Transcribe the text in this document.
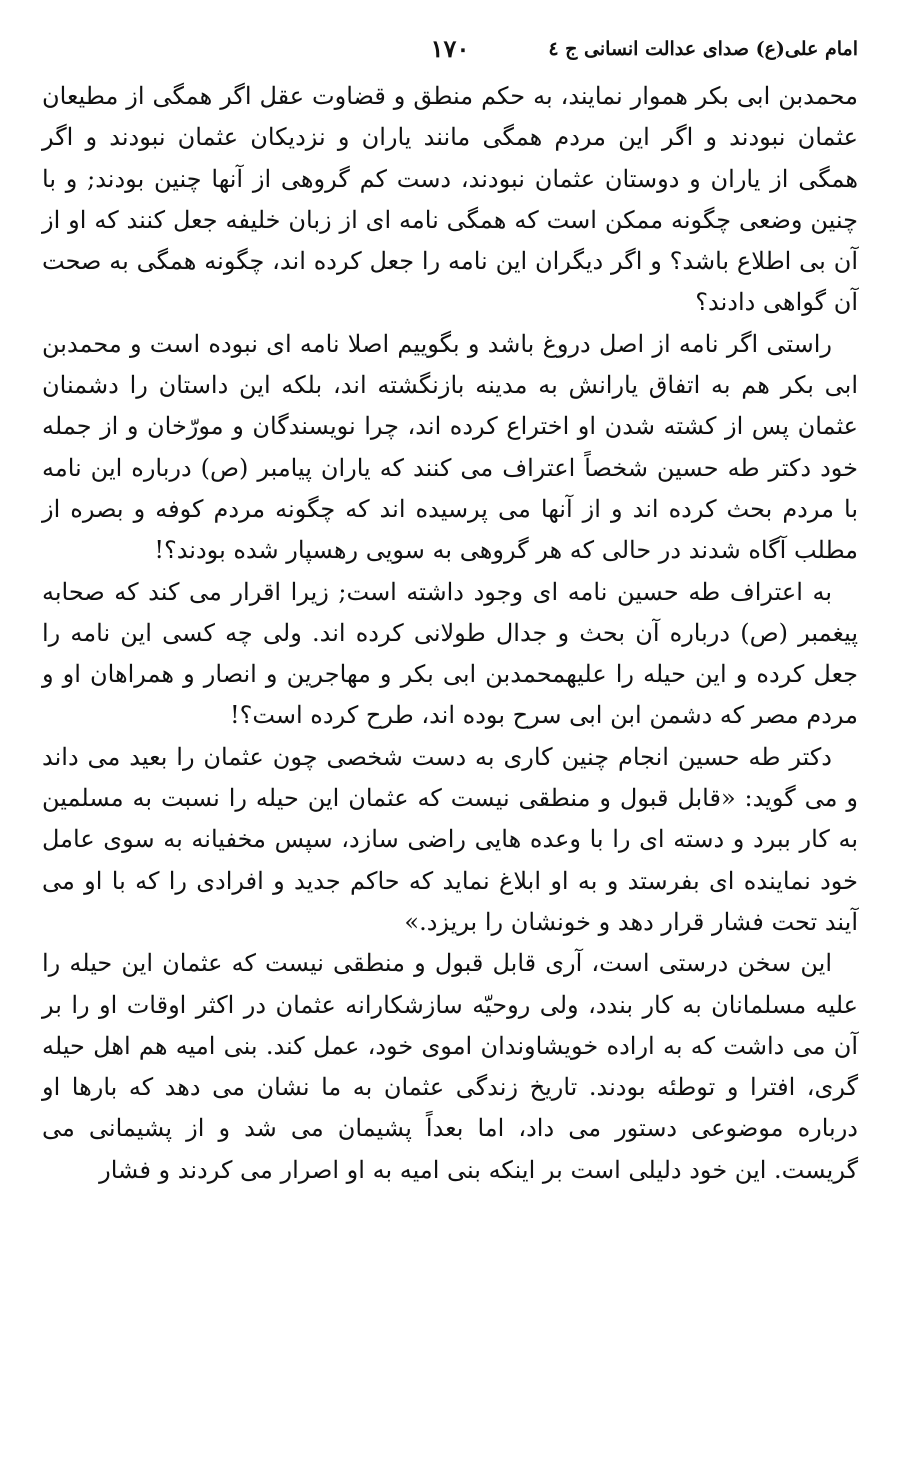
امام علی(ع) صدای عدالت انسانی ج ٤
۱۷۰

محمدبن ابی بکر هموار نمایند، به حکم منطق و قضاوت عقل اگر همگی از مطیعان عثمان نبودند و اگر این مردم همگی مانند یاران و نزدیکان عثمان نبودند و اگر همگی از یاران و دوستان عثمان نبودند، دست کم گروهی از آنها چنین بودند; و با چنین وضعی چگونه ممکن است که همگی نامه ای از زبان خلیفه جعل کنند که او از آن بی اطلاع باشد؟ و اگر دیگران این نامه را جعل کرده اند، چگونه همگی به صحت آن گواهی دادند؟

راستی اگر نامه از اصل دروغ باشد و بگوییم اصلا نامه ای نبوده است و محمدبن ابی بکر هم به اتفاق یارانش به مدینه بازنگشته اند، بلکه این داستان را دشمنان عثمان پس از کشته شدن او اختراع کرده اند، چرا نویسندگان و مورّخان و از جمله خود دکتر طه حسین شخصاً اعتراف می کنند که یاران پیامبر (ص) درباره این نامه با مردم بحث کرده اند و از آنها می پرسیده اند که چگونه مردم کوفه و بصره از مطلب آگاه شدند در حالی که هر گروهی به سویی رهسپار شده بودند؟!

به اعتراف طه حسین نامه ای وجود داشته است; زیرا اقرار می کند که صحابه پیغمبر (ص) درباره آن بحث و جدال طولانی کرده اند. ولی چه کسی این نامه را جعل کرده و این حیله را علیهمحمدبن ابی بکر و مهاجرین و انصار و همراهان او و مردم مصر که دشمن ابن ابی سرح بوده اند، طرح کرده است؟!

دکتر طه حسین انجام چنین کاری به دست شخصی چون عثمان را بعید می داند و می گوید: «قابل قبول و منطقی نیست که عثمان این حیله را نسبت به مسلمین به کار ببرد و دسته ای را با وعده هایی راضی سازد، سپس مخفیانه به سوی عامل خود نماینده ای بفرستد و به او ابلاغ نماید که حاکم جدید و افرادی را که با او می آیند تحت فشار قرار دهد و خونشان را بریزد.»

این سخن درستی است، آری قابل قبول و منطقی نیست که عثمان این حیله را علیه مسلمانان به کار بندد، ولی روحیّه سازشکارانه عثمان در اکثر اوقات او را بر آن می داشت که به اراده خویشاوندان اموی خود، عمل کند. بنی امیه هم اهل حیله گری، افترا و توطئه بودند. تاریخ زندگی عثمان به ما نشان می دهد که بارها او درباره موضوعی دستور می داد، اما بعداً پشیمان می شد و از پشیمانی می گریست. این خود دلیلی است بر اینکه بنی امیه به او اصرار می کردند و فشار
